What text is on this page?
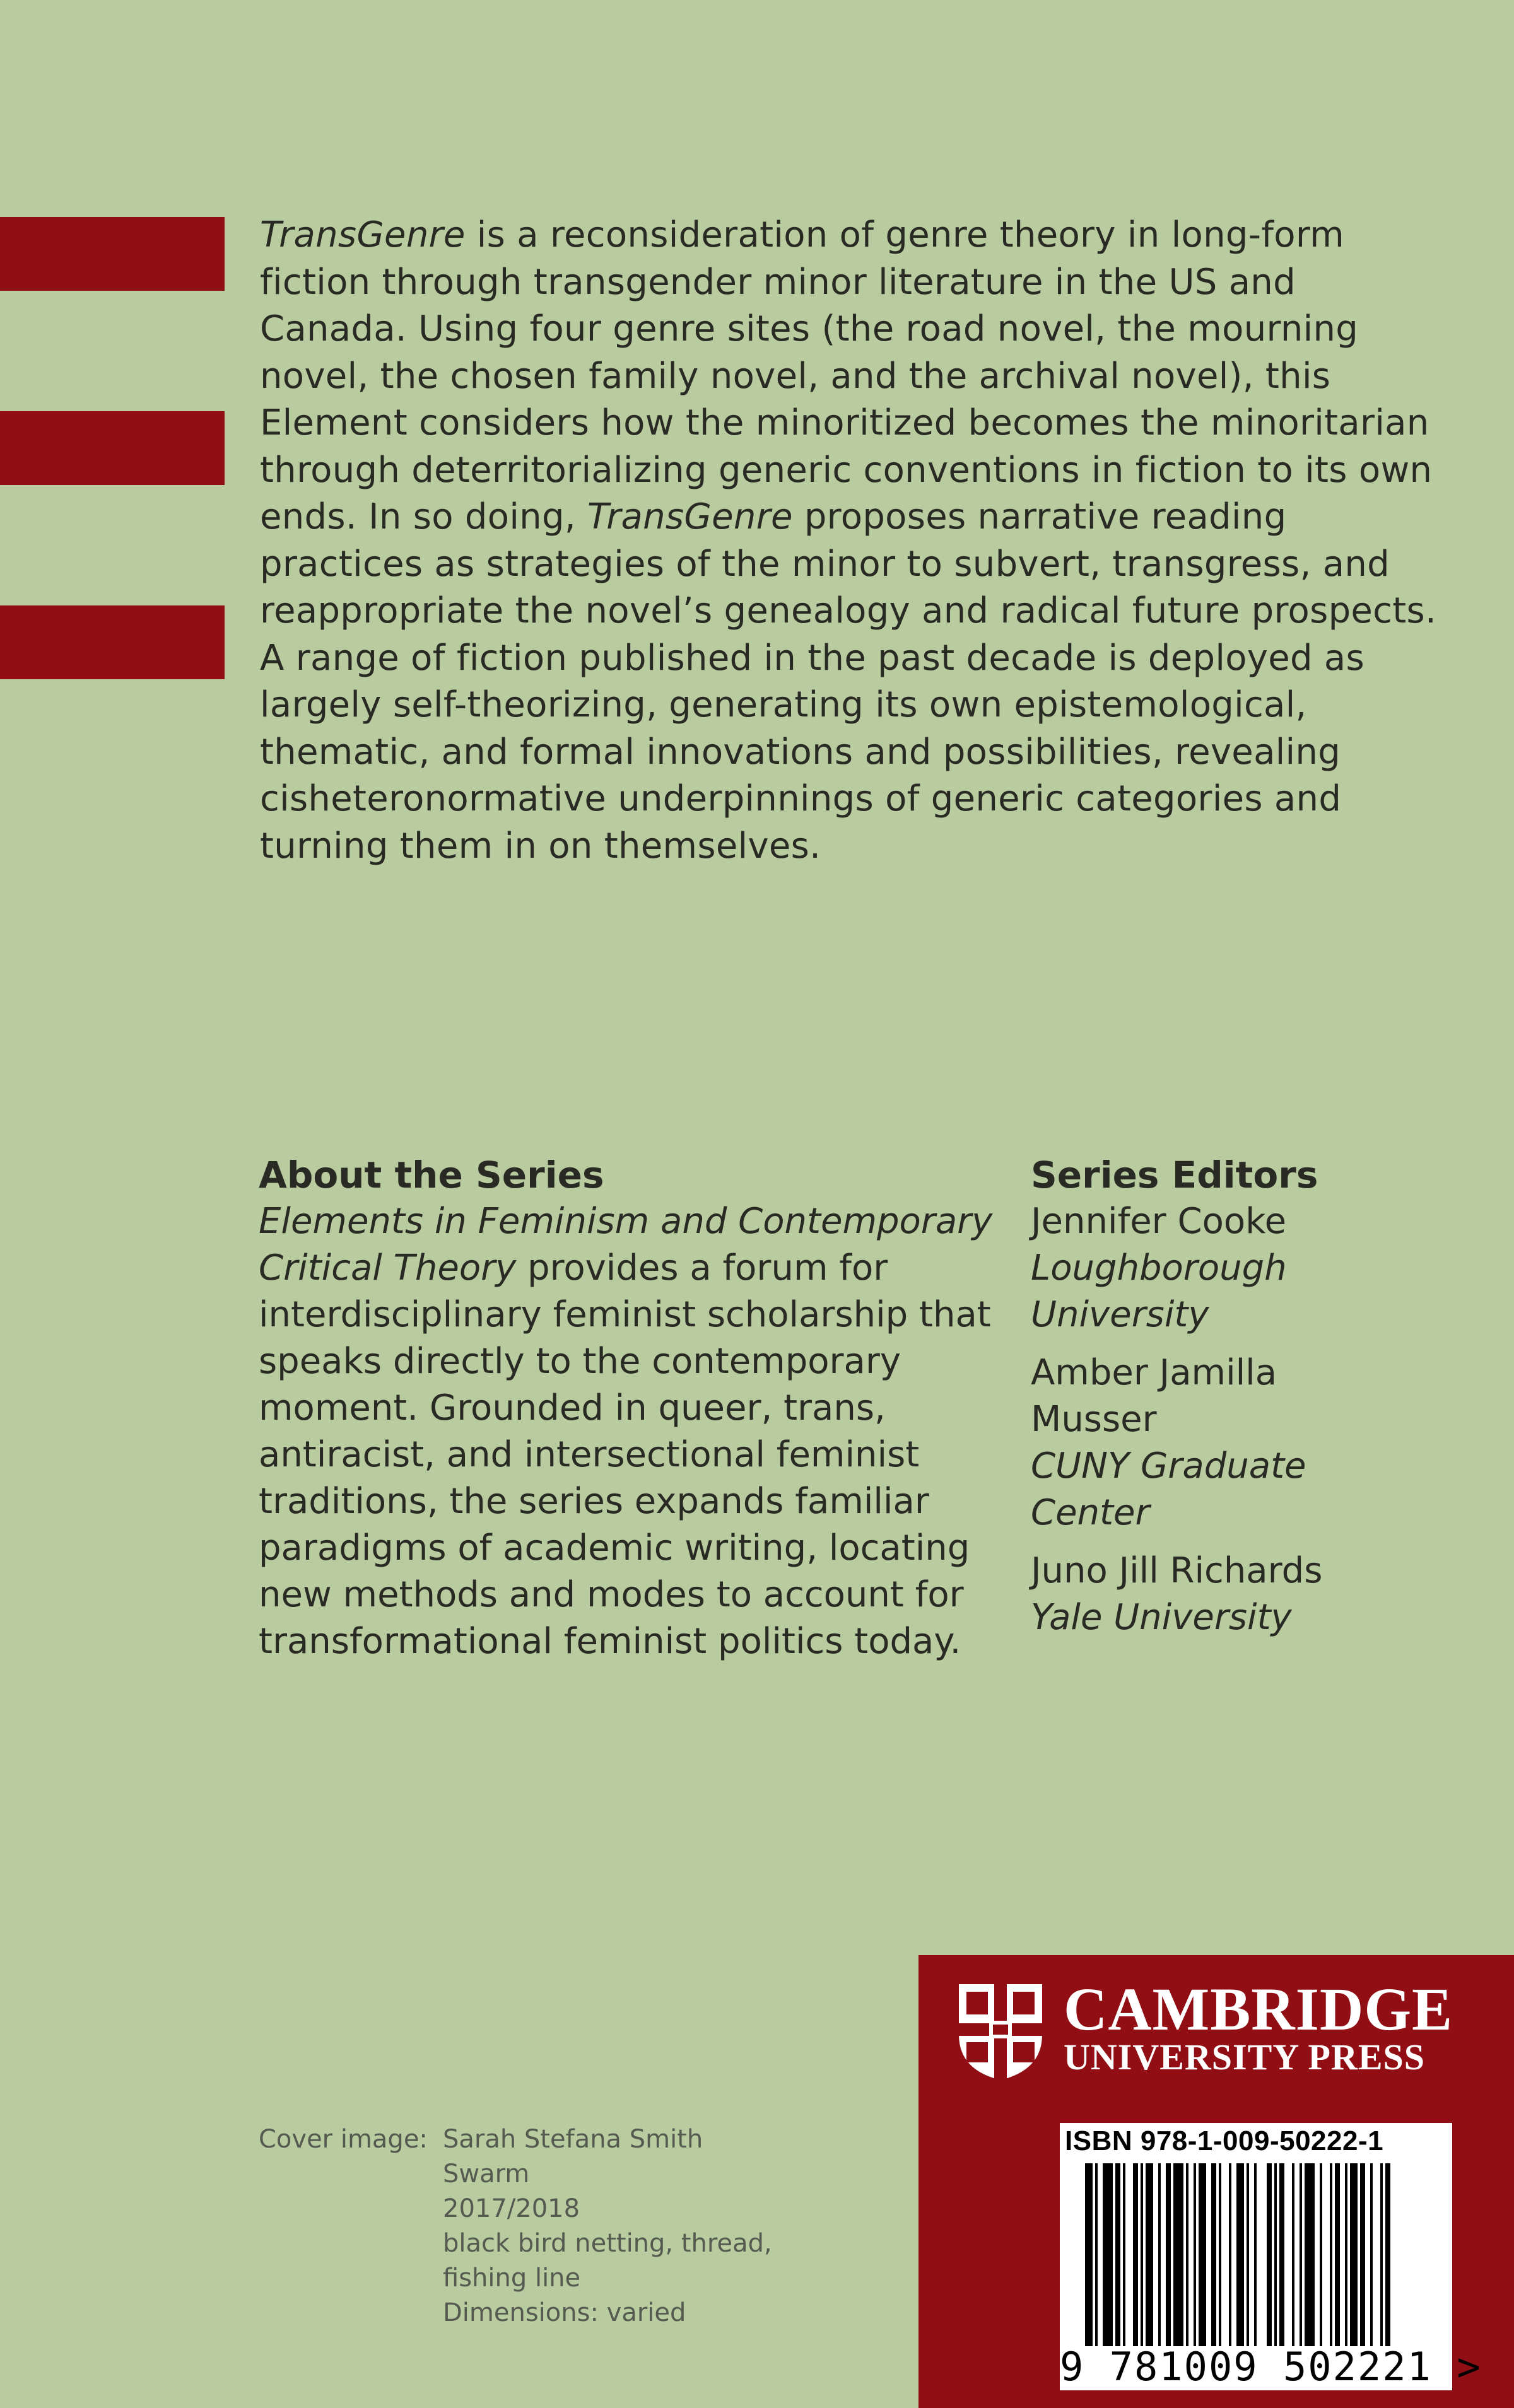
TransGenre is a reconsideration of genre theory in long-form fiction through transgender minor literature in the US and Canada. Using four genre sites (the road novel, the mourning novel, the chosen family novel, and the archival novel), this Element considers how the minoritized becomes the minoritarian through deterritorializing generic conventions in fiction to its own ends. In so doing, TransGenre proposes narrative reading practices as strategies of the minor to subvert, transgress, and reappropriate the novel’s genealogy and radical future prospects. A range of fiction published in the past decade is deployed as largely self-theorizing, generating its own epistemological, thematic, and formal innovations and possibilities, revealing cisheteronormative underpinnings of generic categories and turning them in on themselves.
About the Series

Elements in Feminism and Contemporary Critical Theory provides a forum for interdisciplinary feminist scholarship that speaks directly to the contemporary moment. Grounded in queer, trans, antiracist, and intersectional feminist traditions, the series expands familiar paradigms of academic writing, locating new methods and modes to account for transformational feminist politics today.

Series Editors
Jennifer Cooke
Loughborough University
Amber Jamilla Musser
CUNY Graduate Center
Juno Jill Richards
Yale University
Cover image: Sarah Stefana Smith
Swarm
2017/2018
black bird netting, thread,
fishing line
Dimensions: varied
CAMBRIDGE
UNIVERSITY PRESS
ISBN 978-1-009-50222-1
9 781009 502221 >
